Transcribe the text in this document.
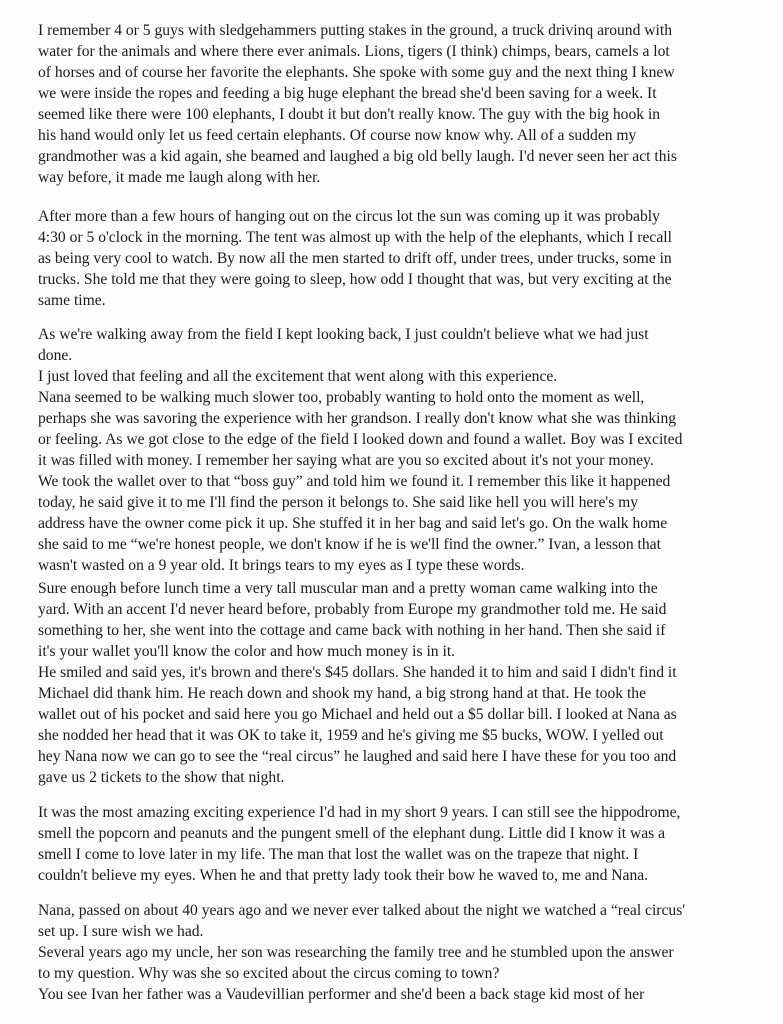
I remember 4 or 5 guys with sledgehammers putting stakes in the ground, a truck drivinq around with
water for the animals and where there ever animals. Lions, tigers (I think) chimps, bears, camels a lot
of horses and of course her favorite the elephants. She spoke with some guy and the next thing I knew
we were inside the ropes and feeding a big huge elephant the bread she'd been saving for a week. It
seemed like there were 100 elephants, I doubt it but don't really know. The guy with the big hook in
his hand would only let us feed certain elephants. Of course now know why. All of a sudden my
grandmother was a kid again, she beamed and laughed a big old belly laugh. I'd never seen her act this
way before, it made me laugh along with her.
After more than a few hours of hanging out on the circus lot the sun was coming up it was probably
4:30 or 5 o'clock in the morning. The tent was almost up with the help of the elephants, which I recall
as being very cool to watch. By now all the men started to drift off, under trees, under trucks, some in
trucks. She told me that they were going to sleep, how odd I thought that was, but very exciting at the
same time.
As we're walking away from the field I kept looking back, I just couldn't believe what we had just
done.
I just loved that feeling and all the excitement that went along with this experience.
Nana seemed to be walking much slower too, probably wanting to hold onto the moment as well,
perhaps she was savoring the experience with her grandson. I really don't know what she was thinking
or feeling. As we got close to the edge of the field I looked down and found a wallet. Boy was I excited
it was filled with money. I remember her saying what are you so excited about it's not your money.
We took the wallet over to that “boss guy” and told him we found it. I remember this like it happened
today, he said give it to me I'll find the person it belongs to. She said like hell you will here's my
address have the owner come pick it up. She stuffed it in her bag and said let's go. On the walk home
she said to me “we're honest people, we don't know if he is we'll find the owner.” Ivan, a lesson that
wasn't wasted on a 9 year old. It brings tears to my eyes as I type these words.
Sure enough before lunch time a very tall muscular man and a pretty woman came walking into the
yard. With an accent I'd never heard before, probably from Europe my grandmother told me. He said
something to her, she went into the cottage and came back with nothing in her hand. Then she said if
it's your wallet you'll know the color and how much money is in it.
He smiled and said yes, it's brown and there's $45 dollars. She handed it to him and said I didn't find it
Michael did thank him. He reach down and shook my hand, a big strong hand at that. He took the
wallet out of his pocket and said here you go Michael and held out a $5 dollar bill. I looked at Nana as
she nodded her head that it was OK to take it, 1959 and he's giving me $5 bucks, WOW. I yelled out
hey Nana now we can go to see the “real circus” he laughed and said here I have these for you too and
gave us 2 tickets to the show that night.
It was the most amazing exciting experience I'd had in my short 9 years. I can still see the hippodrome,
smell the popcorn and peanuts and the pungent smell of the elephant dung. Little did I know it was a
smell I come to love later in my life. The man that lost the wallet was on the trapeze that night. I
couldn't believe my eyes. When he and that pretty lady took their bow he waved to, me and Nana.
Nana, passed on about 40 years ago and we never ever talked about the night we watched a “real circus'
set up. I sure wish we had.
Several years ago my uncle, her son was researching the family tree and he stumbled upon the answer
to my question. Why was she so excited about the circus coming to town?
You see Ivan her father was a Vaudevillian performer and she'd been a back stage kid most of her
